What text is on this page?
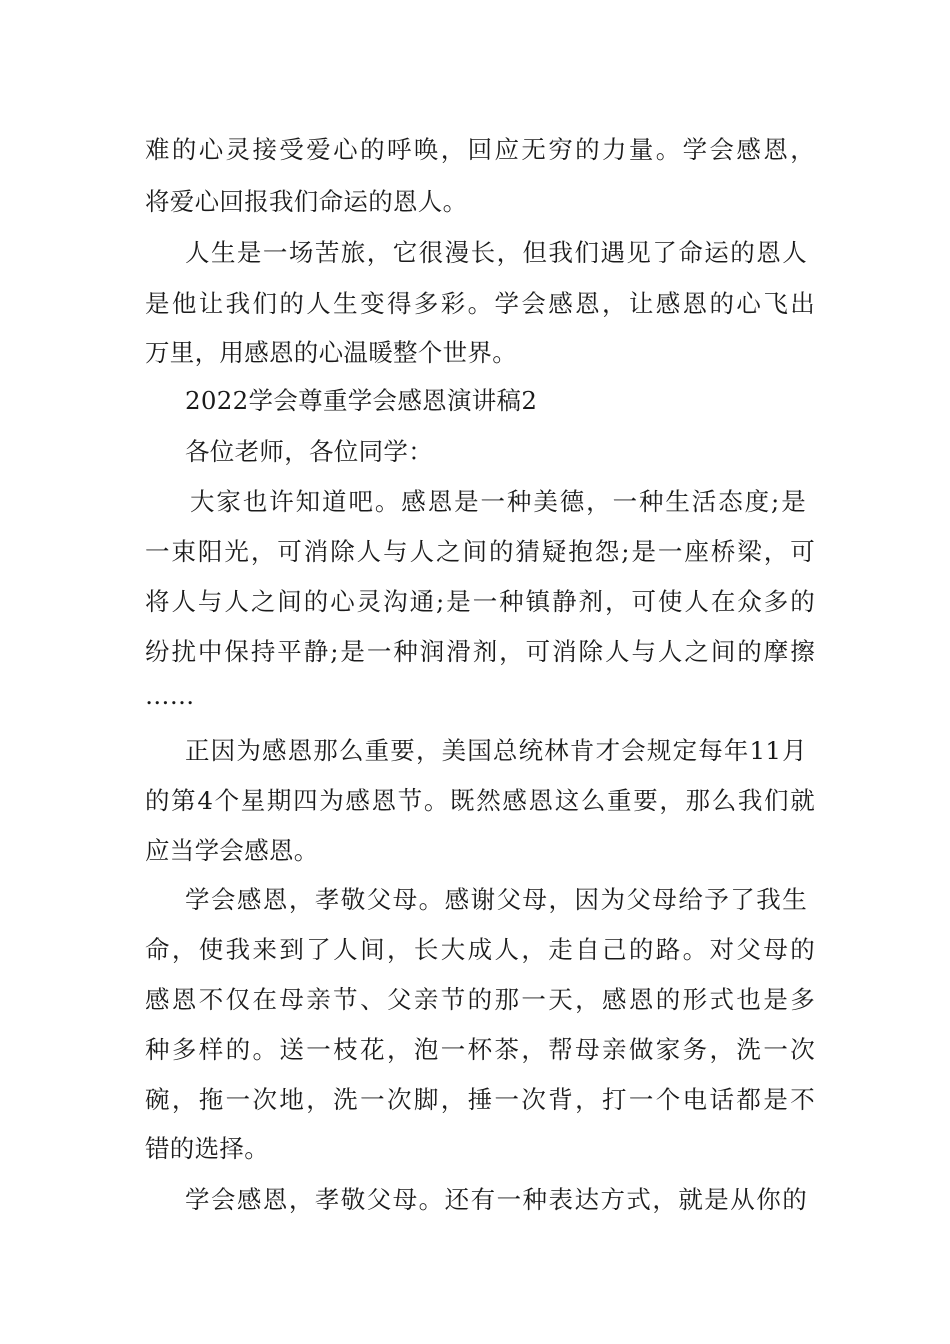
难的心灵接受爱心的呼唤，回应无穷的力量。学会感恩，
将爱心回报我们命运的恩人。
人生是一场苦旅，它很漫长，但我们遇见了命运的恩人
是他让我们的人生变得多彩。学会感恩，让感恩的心飞出
万里，用感恩的心温暖整个世界。
2022学会尊重学会感恩演讲稿2
各位老师，各位同学：
大家也许知道吧。感恩是一种美德，一种生活态度;是
一束阳光，可消除人与人之间的猜疑抱怨;是一座桥梁，可
将人与人之间的心灵沟通;是一种镇静剂，可使人在众多的
纷扰中保持平静;是一种润滑剂，可消除人与人之间的摩擦
……
正因为感恩那么重要，美国总统林肯才会规定每年11月
的第4个星期四为感恩节。既然感恩这么重要，那么我们就
应当学会感恩。
学会感恩，孝敬父母。感谢父母，因为父母给予了我生
命，使我来到了人间，长大成人，走自己的路。对父母的
感恩不仅在母亲节、父亲节的那一天，感恩的形式也是多
种多样的。送一枝花，泡一杯茶，帮母亲做家务，洗一次
碗，拖一次地，洗一次脚，捶一次背，打一个电话都是不
错的选择。
学会感恩，孝敬父母。还有一种表达方式，就是从你的
